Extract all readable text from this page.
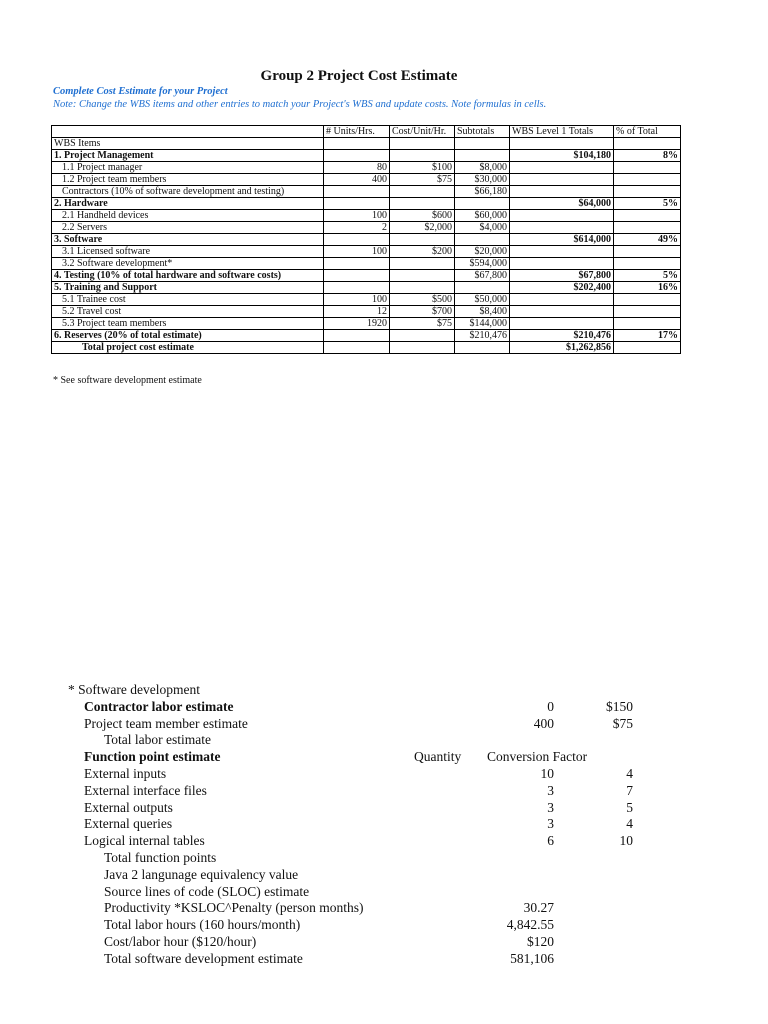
Group 2 Project Cost Estimate
Complete Cost Estimate for your Project
Note: Change the WBS items and other entries to match your Project's WBS and update costs. Note formulas in cells.
	# Units/Hrs.	Cost/Unit/Hr.	Subtotals	WBS Level 1 Totals	% of Total
WBS Items					
1. Project Management				$104,180	8%
1.1 Project manager	80	$100	$8,000		
1.2 Project team members	400	$75	$30,000		
Contractors (10% of software development and testing)			$66,180		
2. Hardware				$64,000	5%
2.1 Handheld devices	100	$600	$60,000		
2.2 Servers	2	$2,000	$4,000		
3. Software				$614,000	49%
3.1 Licensed software	100	$200	$20,000		
3.2 Software development*			$594,000		
4. Testing (10% of total hardware and software costs)			$67,800	$67,800	5%
5. Training and Support				$202,400	16%
5.1 Trainee cost	100	$500	$50,000		
5.2 Travel cost	12	$700	$8,400		
5.3 Project team members	1920	$75	$144,000		
6. Reserves (20% of total estimate)			$210,476	$210,476	17%
Total project cost estimate				$1,262,856	
* See software development estimate
* Software development
Contractor labor estimate	0	$150
Project team member estimate	400	$75
Total labor estimate
Function point estimate	Quantity Conversion Factor
External inputs	10	4
External interface files	3	7
External outputs	3	5
External queries	3	4
Logical internal tables	6	10
Total function points
Java 2 langunage equivalency value
Source lines of code (SLOC) estimate
Productivity *KSLOC^Penalty (person months)	30.27
Total labor hours (160 hours/month)	4,842.55
Cost/labor hour ($120/hour)	$120
Total software development estimate	581,106
